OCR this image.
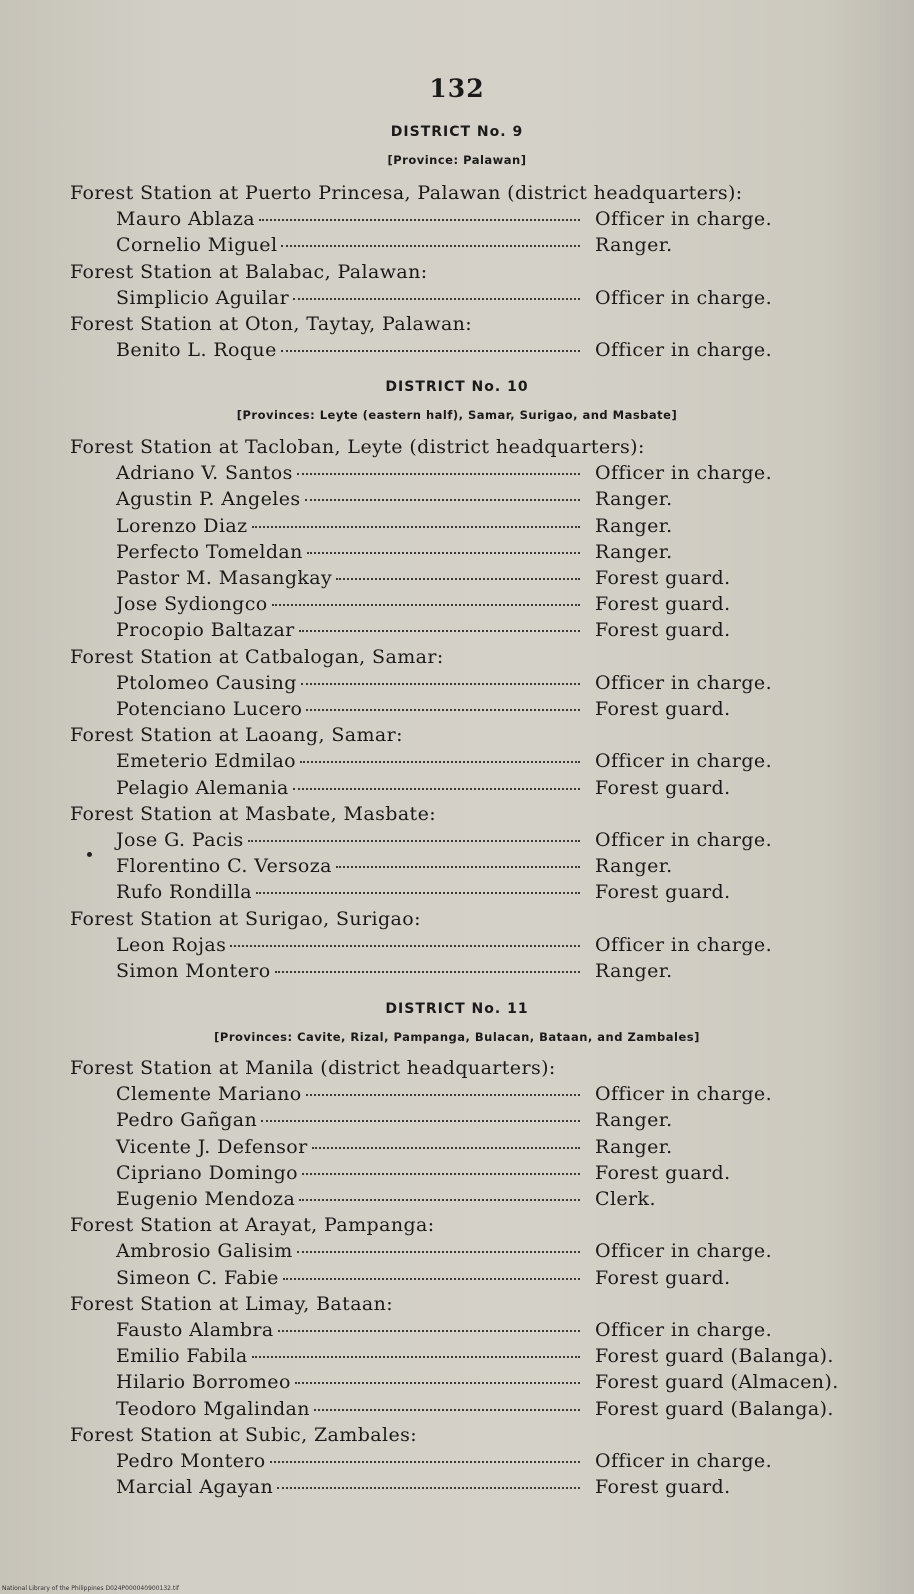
132
DISTRICT No. 9
[Province: Palawan]
Forest Station at Puerto Princesa, Palawan (district headquarters):
Mauro Ablaza	Officer in charge.
Cornelio Miguel	Ranger.
Forest Station at Balabac, Palawan:
Simplicio Aguilar	Officer in charge.
Forest Station at Oton, Taytay, Palawan:
Benito L. Roque	Officer in charge.
DISTRICT No. 10
[Provinces: Leyte (eastern half), Samar, Surigao, and Masbate]
Forest Station at Tacloban, Leyte (district headquarters):
Adriano V. Santos	Officer in charge.
Agustin P. Angeles	Ranger.
Lorenzo Diaz	Ranger.
Perfecto Tomeldan	Ranger.
Pastor M. Masangkay	Forest guard.
Jose Sydiongco	Forest guard.
Procopio Baltazar	Forest guard.
Forest Station at Catbalogan, Samar:
Ptolomeo Causing	Officer in charge.
Potenciano Lucero	Forest guard.
Forest Station at Laoang, Samar:
Emeterio Edmilao	Officer in charge.
Pelagio Alemania	Forest guard.
Forest Station at Masbate, Masbate:
Jose G. Pacis	Officer in charge.
Florentino C. Versoza	Ranger.
Rufo Rondilla	Forest guard.
Forest Station at Surigao, Surigao:
Leon Rojas	Officer in charge.
Simon Montero	Ranger.
DISTRICT No. 11
[Provinces: Cavite, Rizal, Pampanga, Bulacan, Bataan, and Zambales]
Forest Station at Manila (district headquarters):
Clemente Mariano	Officer in charge.
Pedro Gañgan	Ranger.
Vicente J. Defensor	Ranger.
Cipriano Domingo	Forest guard.
Eugenio Mendoza	Clerk.
Forest Station at Arayat, Pampanga:
Ambrosio Galisim	Officer in charge.
Simeon C. Fabie	Forest guard.
Forest Station at Limay, Bataan:
Fausto Alambra	Officer in charge.
Emilio Fabila	Forest guard (Balanga).
Hilario Borromeo	Forest guard (Almacen).
Teodoro Mgalindan	Forest guard (Balanga).
Forest Station at Subic, Zambales:
Pedro Montero	Officer in charge.
Marcial Agayan	Forest guard.
National Library of the Philippines D024P000040900132.tif
